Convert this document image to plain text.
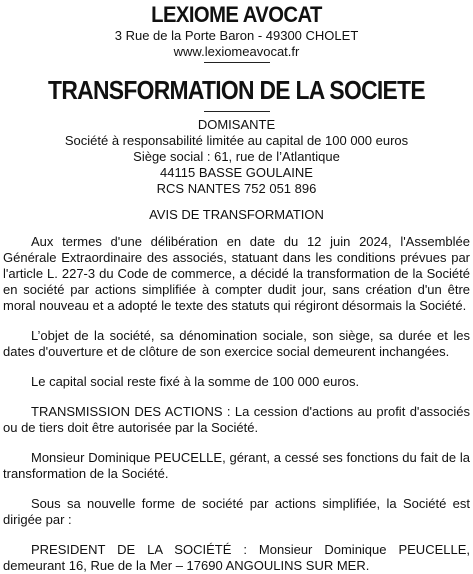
LEXIOME AVOCAT

3 Rue de la Porte Baron - 49300 CHOLET

www.lexiomeavocat.fr

TRANSFORMATION DE LA SOCIETE

DOMISANTE

Société à responsabilité limitée au capital de 100 000 euros

Siège social : 61, rue de l’Atlantique

44115 BASSE GOULAINE

RCS NANTES 752 051 896

AVIS DE TRANSFORMATION

Aux termes d'une délibération en date du 12 juin 2024, l'Assemblée Générale Extraordinaire des associés, statuant dans les conditions prévues par l'article L. 227-3 du Code de commerce, a décidé la transformation de la Société en société par actions simplifiée à compter dudit jour, sans création d'un être moral nouveau et a adopté le texte des statuts qui régiront désormais la Société.

L’objet de la société, sa dénomination sociale, son siège, sa durée et les dates d'ouverture et de clôture de son exercice social demeurent inchangées.

Le capital social reste fixé à la somme de 100 000 euros.

TRANSMISSION DES ACTIONS : La cession d'actions au profit d'associés ou de tiers doit être autorisée par la Société.

Monsieur Dominique PEUCELLE, gérant, a cessé ses fonctions du fait de la transformation de la Société.

Sous sa nouvelle forme de société par actions simplifiée, la Société est dirigée par :

PRESIDENT DE LA SOCIÉTÉ : Monsieur Dominique PEUCELLE, demeurant 16, Rue de la Mer – 17690 ANGOULINS SUR MER.
